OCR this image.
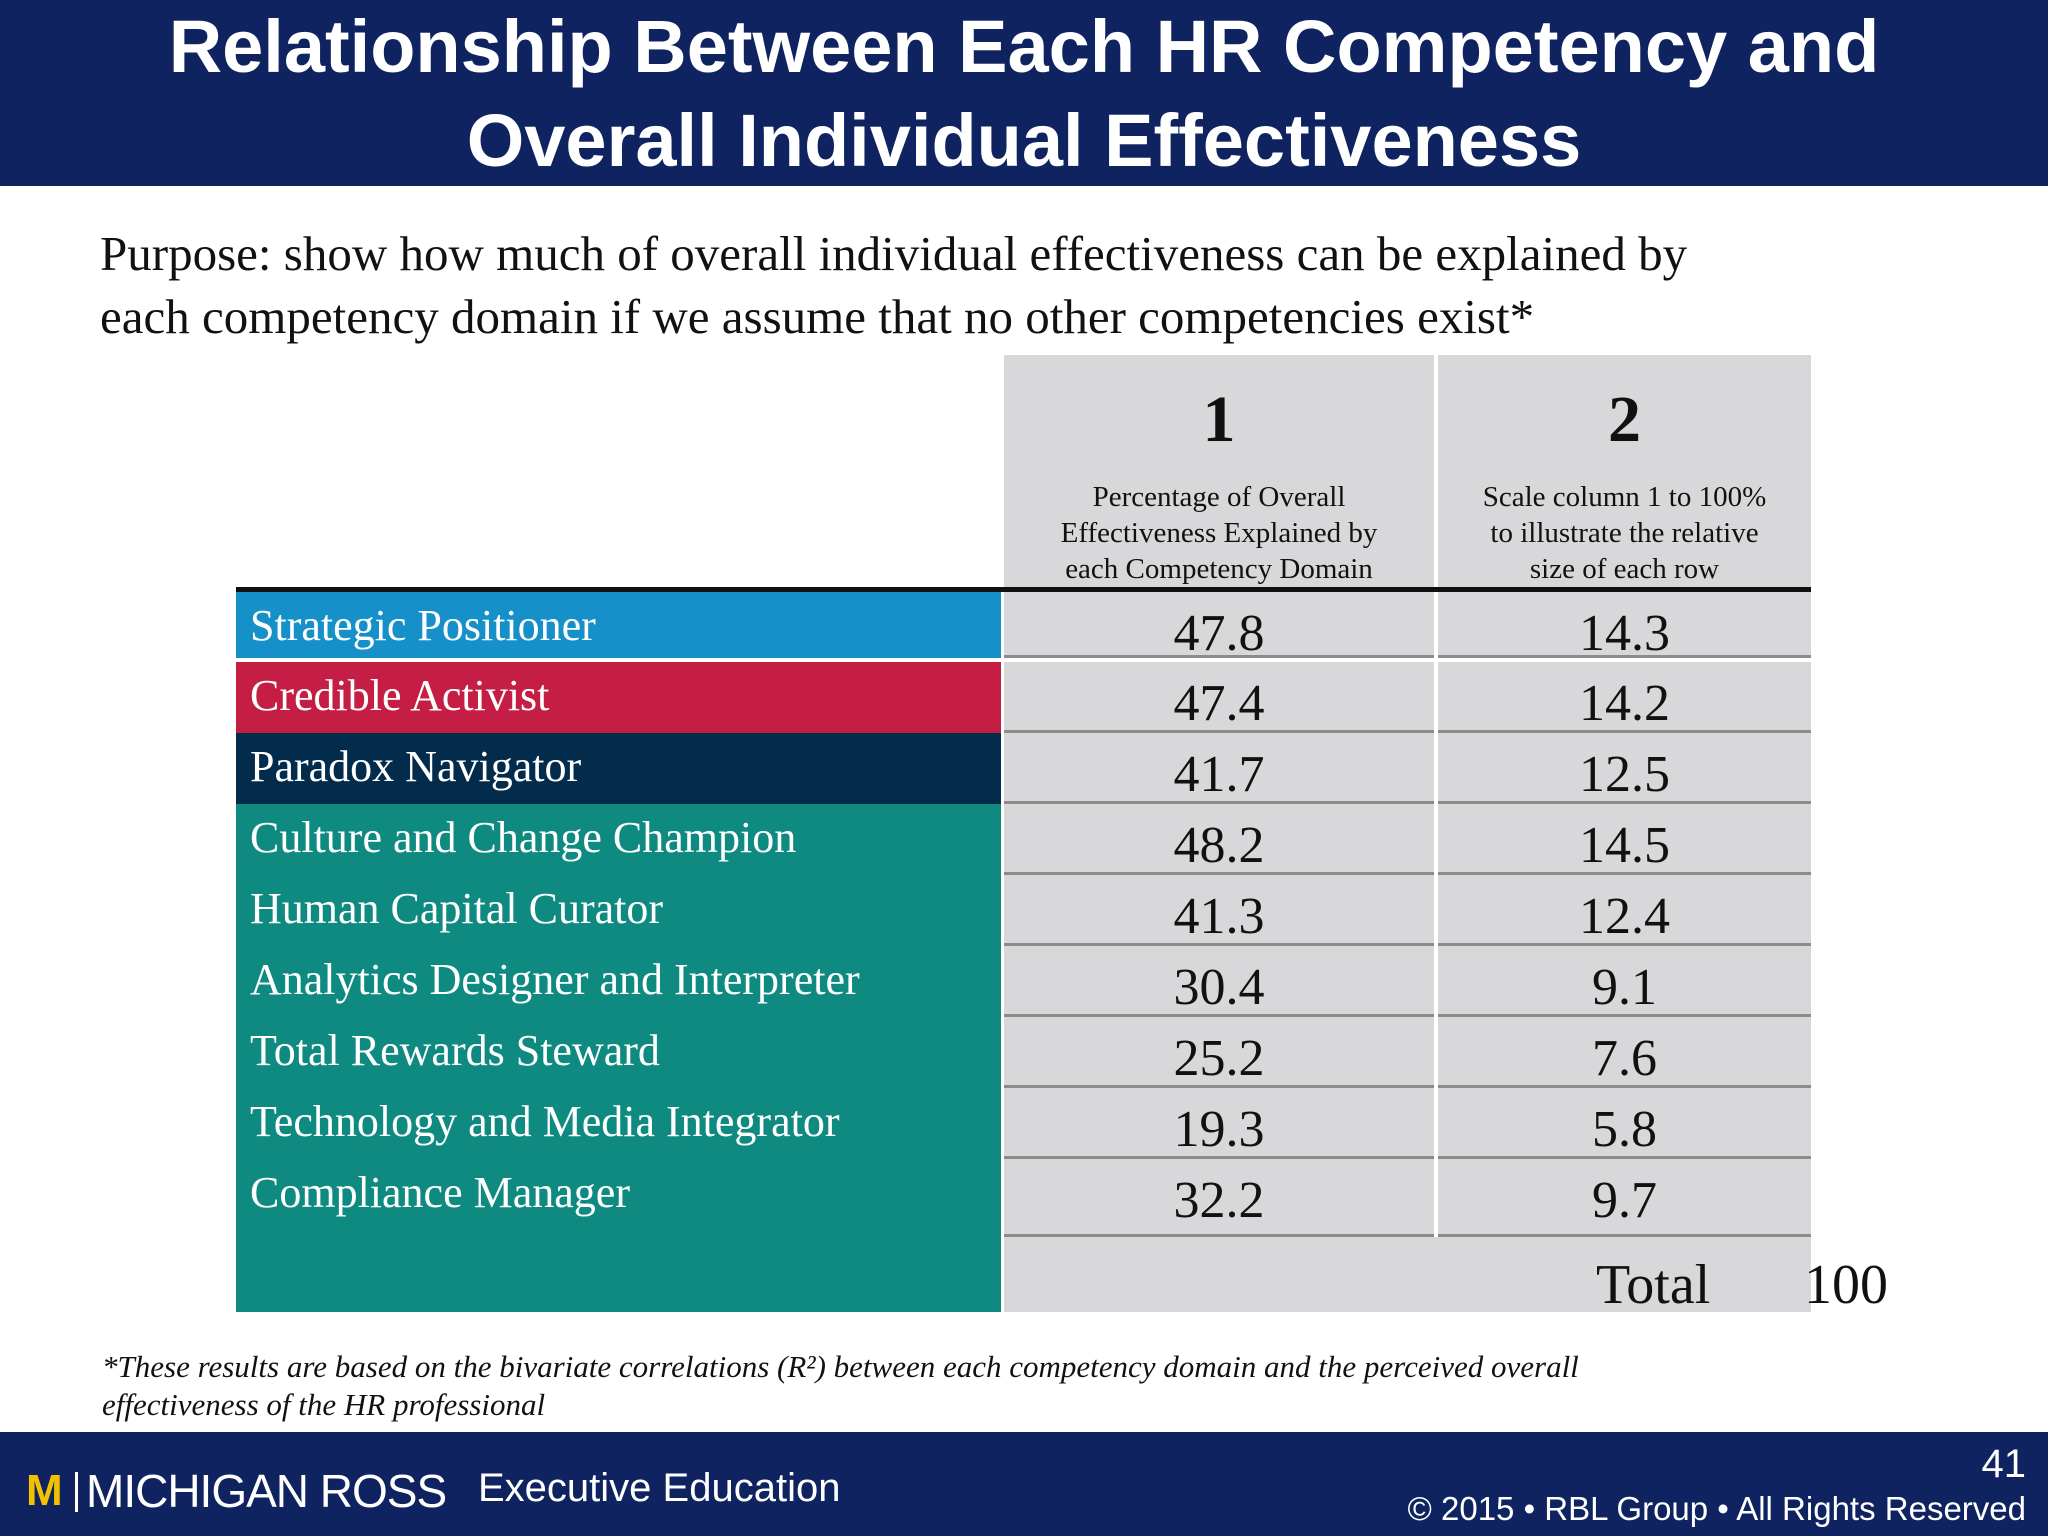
Relationship Between Each HR Competency and
Overall Individual Effectiveness
Purpose: show how much of overall individual effectiveness can be explained by
each competency domain if we assume that no other competencies exist*
1
Percentage of Overall
Effectiveness Explained by
each Competency Domain
2
Scale column 1 to 100%
to illustrate the relative
size of each row
Strategic Positioner	47.8	14.3
Credible Activist	47.4	14.2
Paradox Navigator	41.7	12.5
Culture and Change Champion	48.2	14.5
Human Capital Curator	41.3	12.4
Analytics Designer and Interpreter	30.4	9.1
Total Rewards Steward	25.2	7.6
Technology and Media Integrator	19.3	5.8
Compliance Manager	32.2	9.7
Total 100
*These results are based on the bivariate correlations (R²) between each competency domain and the perceived overall
effectiveness of the HR professional
M MICHIGAN ROSS Executive Education
41
© 2015 • RBL Group • All Rights Reserved
